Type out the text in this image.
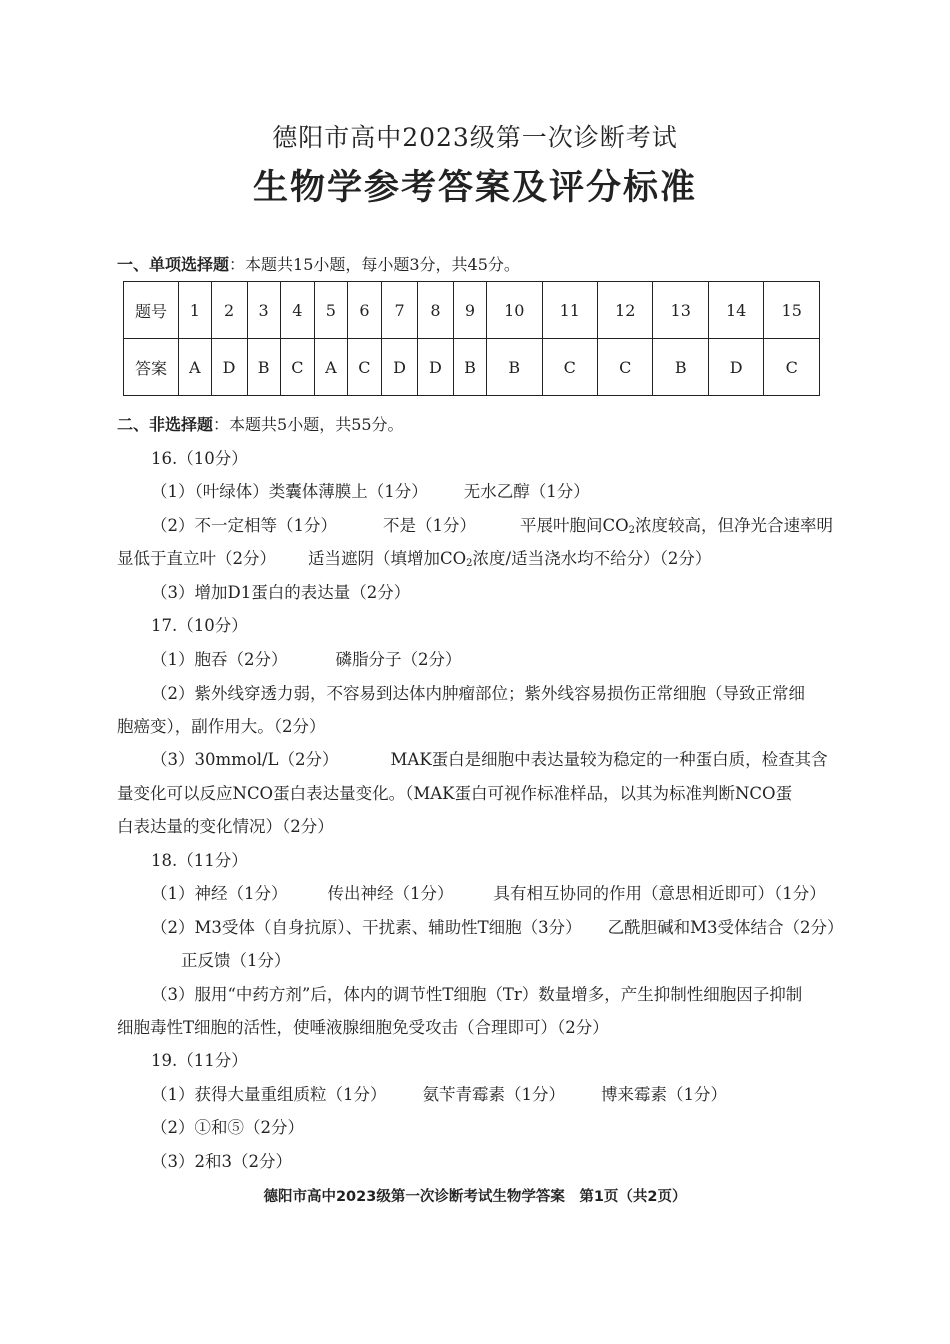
德阳市高中2023级第一次诊断考试
生物学参考答案及评分标准
一、单项选择题：本题共15小题，每小题3分，共45分。
题号	1	2	3	4	5	6	7	8	9	10	11	12	13	14	15
答案	A	D	B	C	A	C	D	D	B	B	C	C	B	D	C
二、非选择题：本题共5小题，共55分。
16.（10分）
（1）（叶绿体）类囊体薄膜上（1分） 无水乙醇（1分）
（2）不一定相等（1分）	不是（1分）	平展叶胞间$CO_2$浓度较高，但净光合速率明
显低于直立叶（2分） 适当遮阴（填增加$CO_2$浓度/适当浇水均不给分）（2分）
（3）增加D1蛋白的表达量（2分）
17.（10分）
（1）胞吞（2分）	磷脂分子（2分）
（2）紫外线穿透力弱，不容易到达体内肿瘤部位；紫外线容易损伤正常细胞（导致正常细
胞癌变），副作用大。（2分）
（3）30mmol/L（2分）	MAK蛋白是细胞中表达量较为稳定的一种蛋白质，检查其含
量变化可以反应NCO蛋白表达量变化。（MAK蛋白可视作标准样品，以其为标准判断NCO蛋
白表达量的变化情况）（2分）
18.（11分）
（1）神经（1分） 传出神经（1分） 具有相互协同的作用（意思相近即可）（1分）
（2）M3受体（自身抗原）、干扰素、辅助性T细胞（3分） 乙酰胆碱和M3受体结合（2分）
正反馈（1分）
（3）服用“中药方剂”后，体内的调节性T细胞（Tr）数量增多，产生抑制性细胞因子抑制
细胞毒性T细胞的活性，使唾液腺细胞免受攻击（合理即可）（2分）
19.（11分）
（1）获得大量重组质粒（1分） 氨苄青霉素（1分） 博来霉素（1分）
（2）①和⑤（2分）
（3）2和3（2分）
德阳市高中2023级第一次诊断考试生物学答案　第1页（共2页）
